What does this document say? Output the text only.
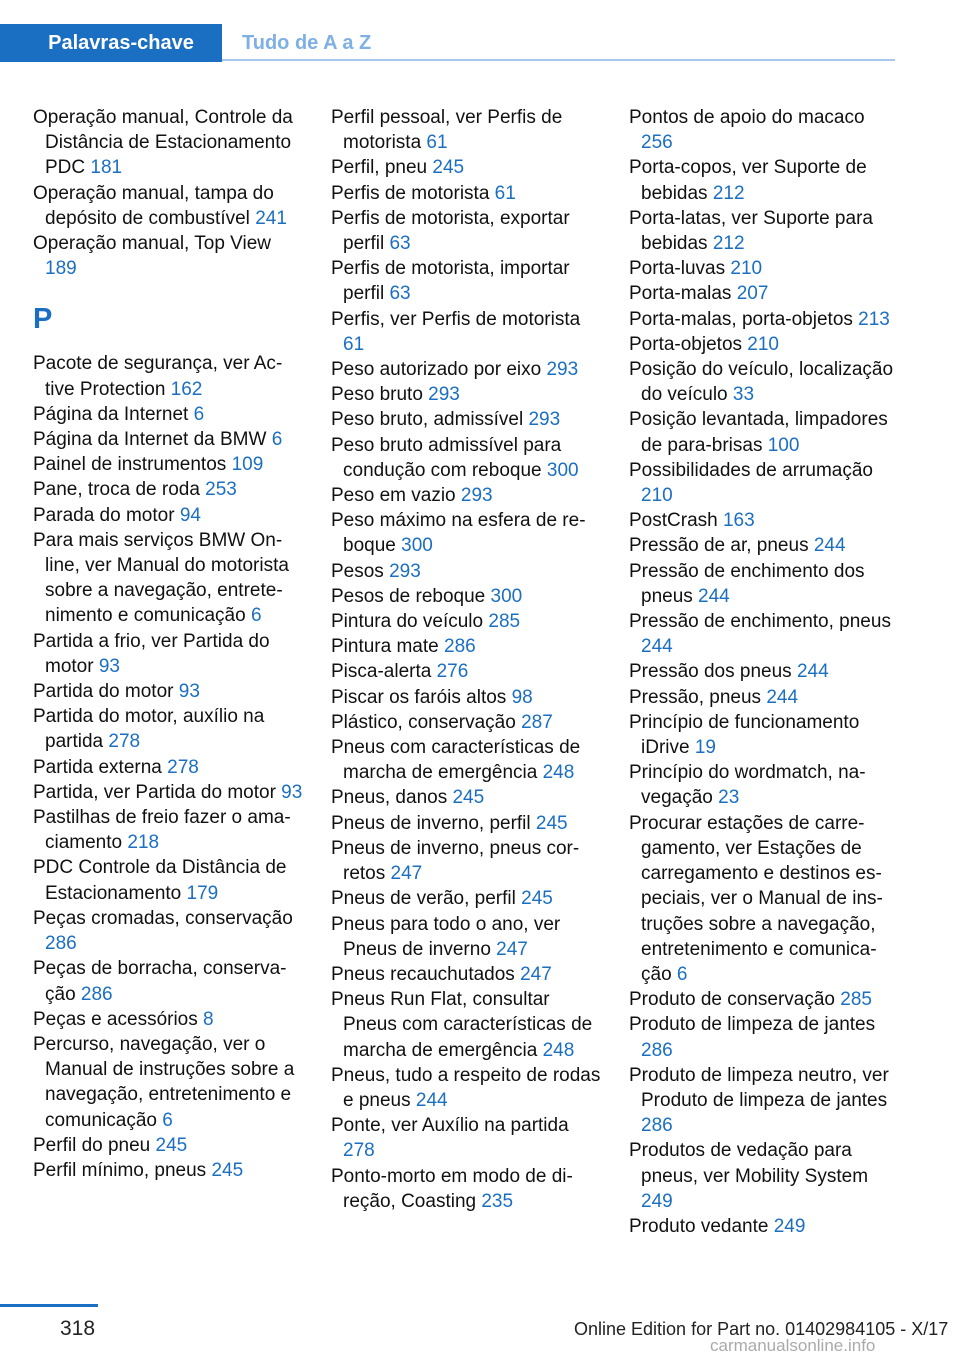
Palavras-chave	Tudo de A a Z
Operação manual, Controle da Distância de Estacionamento PDC 181
Operação manual, tampa do depósito de combustível 241
Operação manual, Top View 189
P
Pacote de segurança, ver Active Protection 162
Página da Internet 6
Página da Internet da BMW 6
Painel de instrumentos 109
Pane, troca de roda 253
Parada do motor 94
Para mais serviços BMW Online, ver Manual do motorista sobre a navegação, entretenimento e comunicação 6
Partida a frio, ver Partida do motor 93
Partida do motor 93
Partida do motor, auxílio na partida 278
Partida externa 278
Partida, ver Partida do motor 93
Pastilhas de freio fazer o amaciamento 218
PDC Controle da Distância de Estacionamento 179
Peças cromadas, conservação 286
Peças de borracha, conservação 286
Peças e acessórios 8
Percurso, navegação, ver o Manual de instruções sobre a navegação, entretenimento e comunicação 6
Perfil do pneu 245
Perfil mínimo, pneus 245
Perfil pessoal, ver Perfis de motorista 61
Perfil, pneu 245
Perfis de motorista 61
Perfis de motorista, exportar perfil 63
Perfis de motorista, importar perfil 63
Perfis, ver Perfis de motorista 61
Peso autorizado por eixo 293
Peso bruto 293
Peso bruto, admissível 293
Peso bruto admissível para condução com reboque 300
Peso em vazio 293
Peso máximo na esfera de reboque 300
Pesos 293
Pesos de reboque 300
Pintura do veículo 285
Pintura mate 286
Pisca-alerta 276
Piscar os faróis altos 98
Plástico, conservação 287
Pneus com características de marcha de emergência 248
Pneus, danos 245
Pneus de inverno, perfil 245
Pneus de inverno, pneus corretos 247
Pneus de verão, perfil 245
Pneus para todo o ano, ver Pneus de inverno 247
Pneus recauchutados 247
Pneus Run Flat, consultar Pneus com características de marcha de emergência 248
Pneus, tudo a respeito de rodas e pneus 244
Ponte, ver Auxílio na partida 278
Ponto-morto em modo de direção, Coasting 235
Pontos de apoio do macaco 256
Porta-copos, ver Suporte de bebidas 212
Porta-latas, ver Suporte para bebidas 212
Porta-luvas 210
Porta-malas 207
Porta-malas, porta-objetos 213
Porta-objetos 210
Posição do veículo, localização do veículo 33
Posição levantada, limpadores de para-brisas 100
Possibilidades de arrumação 210
PostCrash 163
Pressão de ar, pneus 244
Pressão de enchimento dos pneus 244
Pressão de enchimento, pneus 244
Pressão dos pneus 244
Pressão, pneus 244
Princípio de funcionamento iDrive 19
Princípio do wordmatch, navegação 23
Procurar estações de carregamento, ver Estações de carregamento e destinos especiais, ver o Manual de instruções sobre a navegação, entretenimento e comunicação 6
Produto de conservação 285
Produto de limpeza de jantes 286
Produto de limpeza neutro, ver Produto de limpeza de jantes 286
Produtos de vedação para pneus, ver Mobility System 249
Produto vedante 249
318	Online Edition for Part no. 01402984105 - X/17
carmanualsonline.info
